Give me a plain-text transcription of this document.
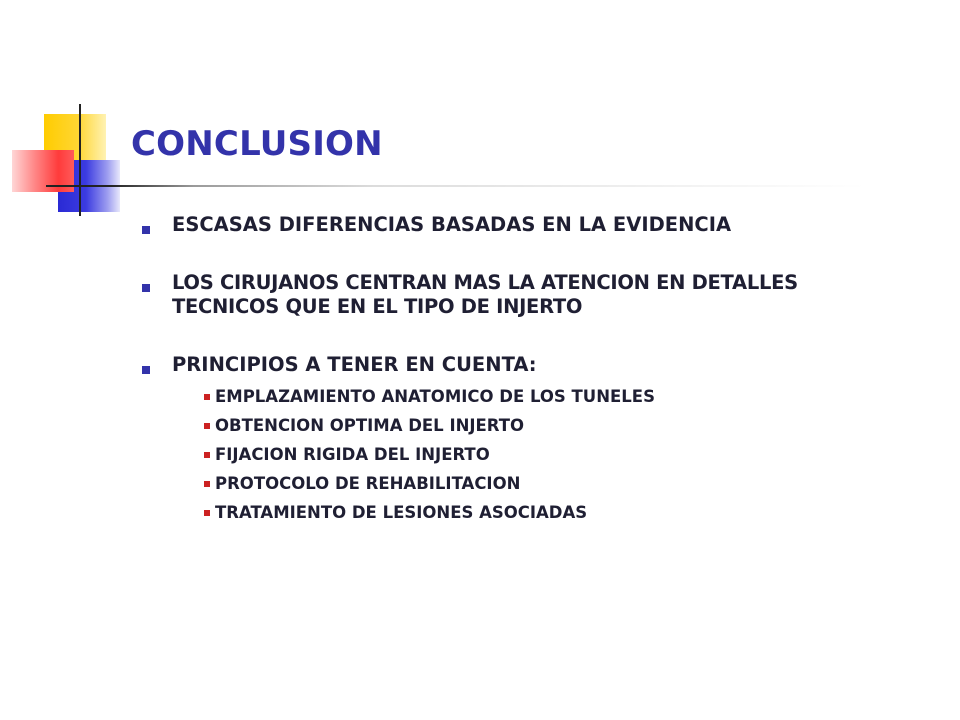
CONCLUSION
ESCASAS DIFERENCIAS BASADAS EN LA EVIDENCIA
LOS CIRUJANOS CENTRAN MAS LA ATENCION EN DETALLES TECNICOS QUE EN EL TIPO DE INJERTO
PRINCIPIOS A TENER EN CUENTA:
EMPLAZAMIENTO ANATOMICO DE LOS TUNELES
OBTENCION OPTIMA DEL INJERTO
FIJACION RIGIDA DEL INJERTO
PROTOCOLO DE REHABILITACION
TRATAMIENTO DE LESIONES ASOCIADAS
